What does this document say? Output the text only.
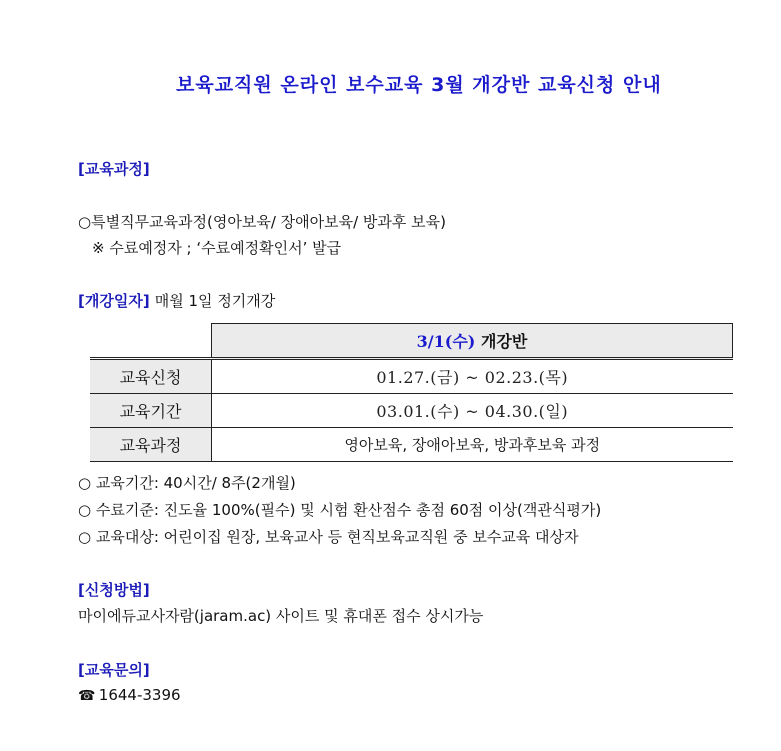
보육교직원 온라인 보수교육 3월 개강반 교육신청 안내
[교육과정]
○특별직무교육과정(영아보육/ 장애아보육/ 방과후 보육)
※ 수료예정자 ; ‘수료예정확인서’ 발급
[개강일자] 매월 1일 정기개강
	3/1(수) 개강반
교육신청	01.27.(금) ~ 02.23.(목)
교육기간	03.01.(수) ~ 04.30.(일)
교육과정	영아보육, 장애아보육, 방과후보육 과정
○ 교육기간: 40시간/ 8주(2개월)
○ 수료기준: 진도율 100%(필수) 및 시험 환산점수 총점 60점 이상(객관식평가)
○ 교육대상: 어린이집 원장, 보육교사 등 현직보육교직원 중 보수교육 대상자
[신청방법]
마이에듀교사자람(jaram.ac) 사이트 및 휴대폰 접수 상시가능
[교육문의]
☎ 1644-3396
